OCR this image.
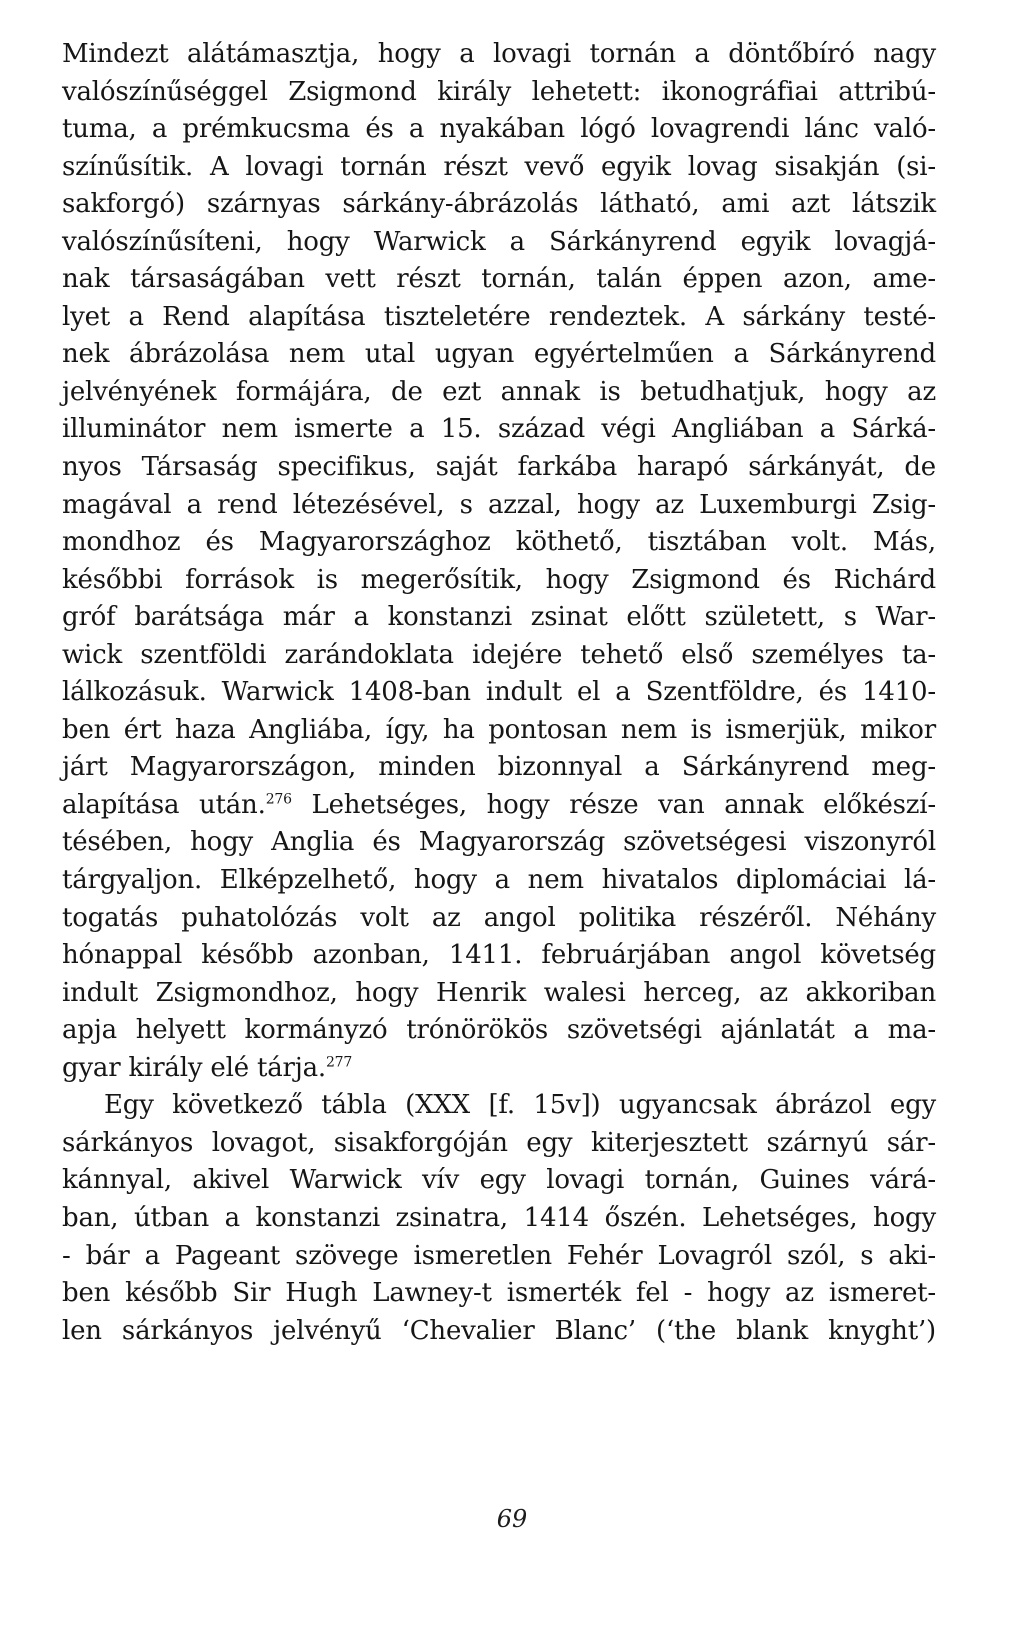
Mindezt alátámasztja, hogy a lovagi tornán a döntőbíró nagy
valószínűséggel Zsigmond király lehetett: ikonográfiai attribú-
tuma, a prémkucsma és a nyakában lógó lovagrendi lánc való-
színűsítik. A lovagi tornán részt vevő egyik lovag sisakján (si-
sakforgó) szárnyas sárkány-ábrázolás látható, ami azt látszik
valószínűsíteni, hogy Warwick a Sárkányrend egyik lovagjá-
nak társaságában vett részt tornán, talán éppen azon, ame-
lyet a Rend alapítása tiszteletére rendeztek. A sárkány testé-
nek ábrázolása nem utal ugyan egyértelműen a Sárkányrend
jelvényének formájára, de ezt annak is betudhatjuk, hogy az
illuminátor nem ismerte a 15. század végi Angliában a Sárká-
nyos Társaság specifikus, saját farkába harapó sárkányát, de
magával a rend létezésével, s azzal, hogy az Luxemburgi Zsig-
mondhoz és Magyarországhoz köthető, tisztában volt. Más,
későbbi források is megerősítik, hogy Zsigmond és Richárd
gróf barátsága már a konstanzi zsinat előtt született, s War-
wick szentföldi zarándoklata idejére tehető első személyes ta-
lálkozásuk. Warwick 1408-ban indult el a Szentföldre, és 1410-
ben ért haza Angliába, így, ha pontosan nem is ismerjük, mikor
járt Magyarországon, minden bizonnyal a Sárkányrend meg-
alapítása után.$^{276}$ Lehetséges, hogy része van annak előkészí-
tésében, hogy Anglia és Magyarország szövetségesi viszonyról
tárgyaljon. Elképzelhető, hogy a nem hivatalos diplomáciai lá-
togatás puhatolózás volt az angol politika részéről. Néhány
hónappal később azonban, 1411. februárjában angol követség
indult Zsigmondhoz, hogy Henrik walesi herceg, az akkoriban
apja helyett kormányzó trónörökös szövetségi ajánlatát a ma-
gyar király elé tárja.$^{277}$
Egy következő tábla (XXX [f. 15v]) ugyancsak ábrázol egy
sárkányos lovagot, sisakforgóján egy kiterjesztett szárnyú sár-
kánnyal, akivel Warwick vív egy lovagi tornán, Guines várá-
ban, útban a konstanzi zsinatra, 1414 őszén. Lehetséges, hogy
- bár a Pageant szövege ismeretlen Fehér Lovagról szól, s aki-
ben később Sir Hugh Lawney-t ismerték fel - hogy az ismeret-
len sárkányos jelvényű ‘Chevalier Blanc’ (‘the blank knyght’)
69
